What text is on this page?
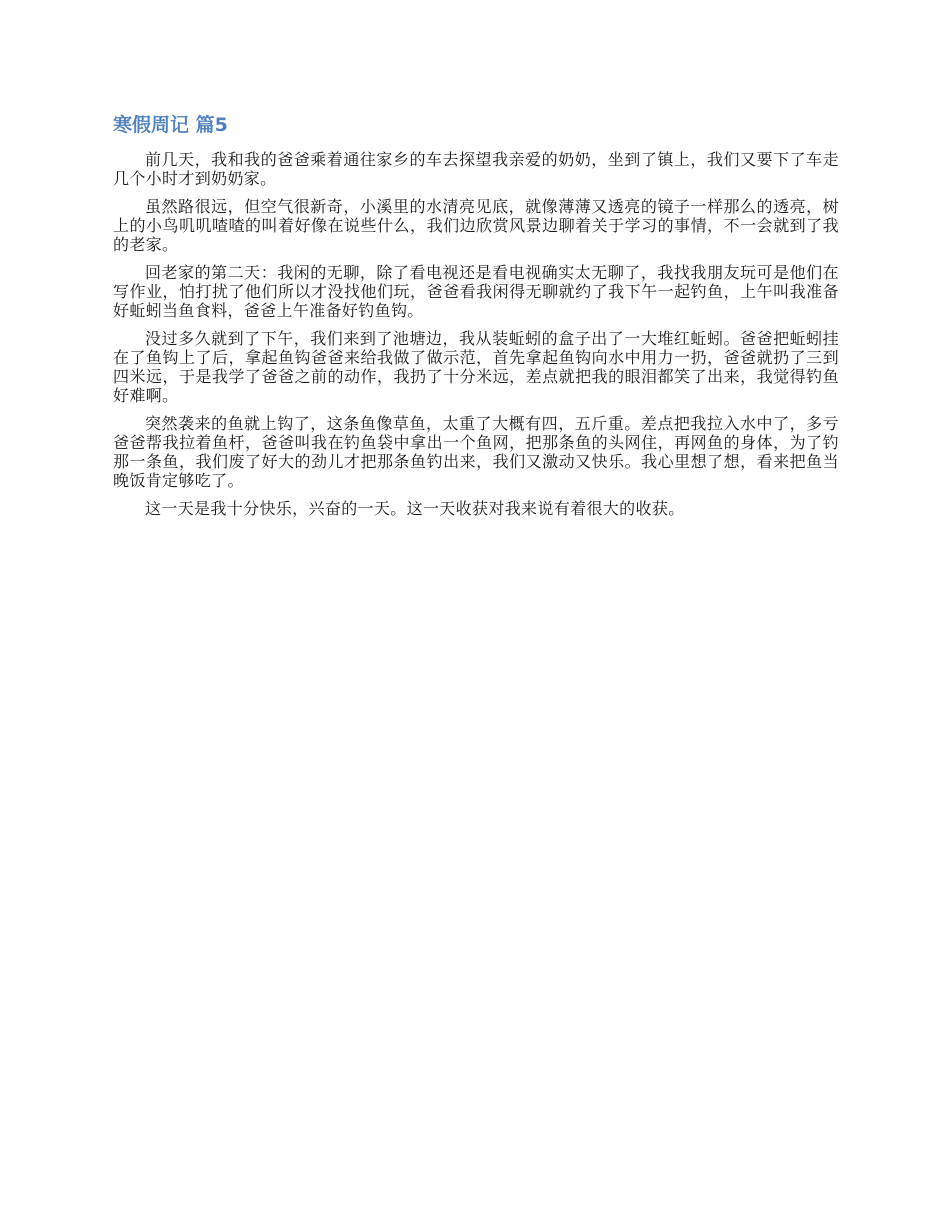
寒假周记 篇5

前几天，我和我的爸爸乘着通往家乡的车去探望我亲爱的奶奶，坐到了镇上，我们又要下了车走几个小时才到奶奶家。

虽然路很远，但空气很新奇，小溪里的水清亮见底，就像薄薄又透亮的镜子一样那么的透亮，树上的小鸟叽叽喳喳的叫着好像在说些什么，我们边欣赏风景边聊着关于学习的事情，不一会就到了我的老家。

回老家的第二天：我闲的无聊，除了看电视还是看电视确实太无聊了，我找我朋友玩可是他们在写作业，怕打扰了他们所以才没找他们玩，爸爸看我闲得无聊就约了我下午一起钓鱼，上午叫我准备好蚯蚓当鱼食料，爸爸上午准备好钓鱼钩。

没过多久就到了下午，我们来到了池塘边，我从装蚯蚓的盒子出了一大堆红蚯蚓。爸爸把蚯蚓挂在了鱼钩上了后，拿起鱼钩爸爸来给我做了做示范，首先拿起鱼钩向水中用力一扔，爸爸就扔了三到四米远，于是我学了爸爸之前的动作，我扔了十分米远，差点就把我的眼泪都笑了出来，我觉得钓鱼好难啊。

突然袭来的鱼就上钩了，这条鱼像草鱼，太重了大概有四，五斤重。差点把我拉入水中了，多亏爸爸帮我拉着鱼杆，爸爸叫我在钓鱼袋中拿出一个鱼网，把那条鱼的头网住，再网鱼的身体，为了钓那一条鱼，我们废了好大的劲儿才把那条鱼钓出来，我们又激动又快乐。我心里想了想，看来把鱼当晚饭肯定够吃了。

这一天是我十分快乐，兴奋的一天。这一天收获对我来说有着很大的收获。
